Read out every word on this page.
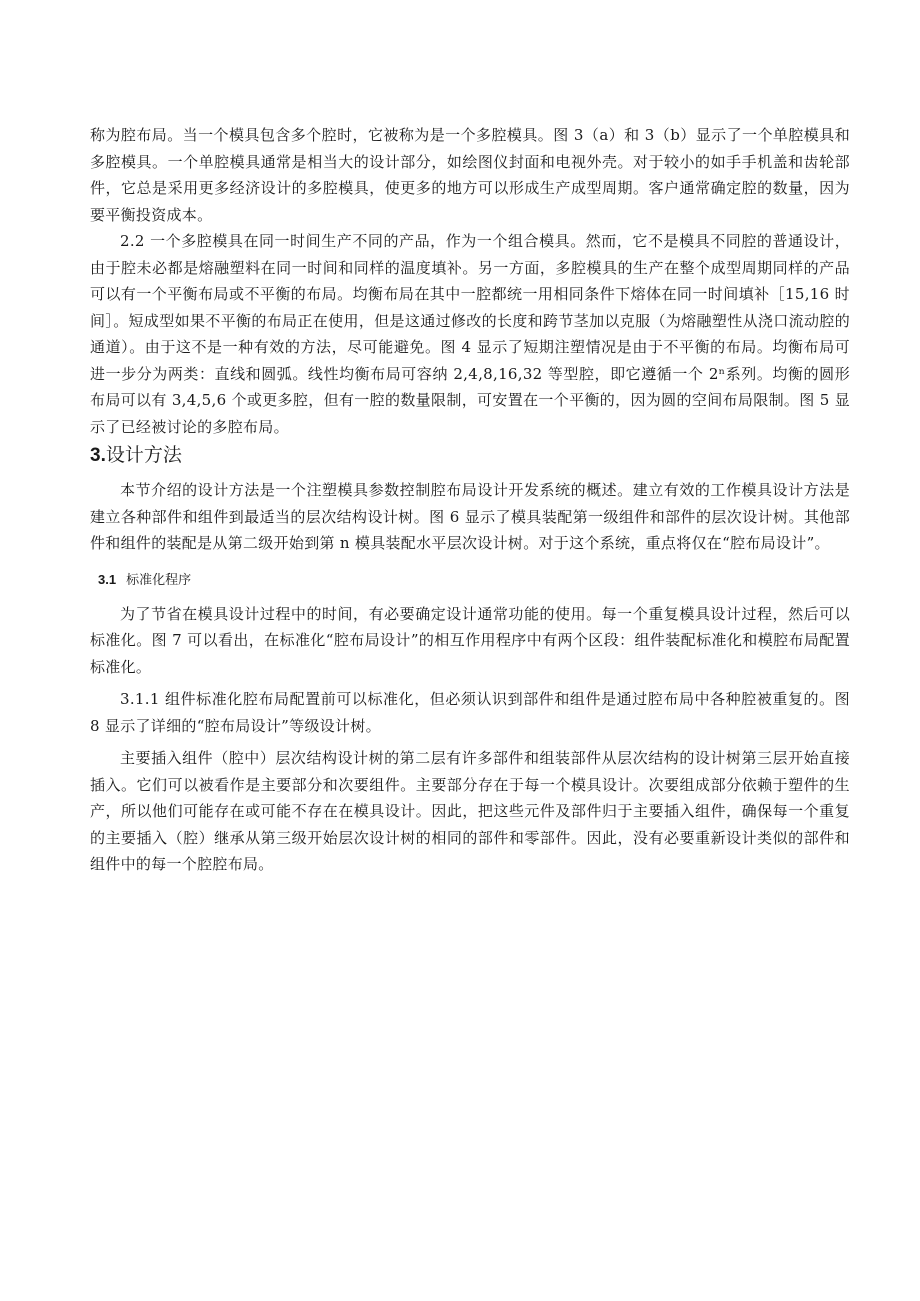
称为腔布局。当一个模具包含多个腔时，它被称为是一个多腔模具。图 3（a）和 3（b）显示了一个单腔模具和多腔模具。一个单腔模具通常是相当大的设计部分，如绘图仪封面和电视外壳。对于较小的如手手机盖和齿轮部件，它总是采用更多经济设计的多腔模具，使更多的地方可以形成生产成型周期。客户通常确定腔的数量，因为要平衡投资成本。

2.2 一个多腔模具在同一时间生产不同的产品，作为一个组合模具。然而，它不是模具不同腔的普通设计，由于腔未必都是熔融塑料在同一时间和同样的温度填补。另一方面，多腔模具的生产在整个成型周期同样的产品可以有一个平衡布局或不平衡的布局。均衡布局在其中一腔都统一用相同条件下熔体在同一时间填补［15,16 时间］。短成型如果不平衡的布局正在使用，但是这通过修改的长度和跨节茎加以克服（为熔融塑性从浇口流动腔的通道）。由于这不是一种有效的方法，尽可能避免。图 4 显示了短期注塑情况是由于不平衡的布局。均衡布局可进一步分为两类：直线和圆弧。线性均衡布局可容纳 2,4,8,16,32 等型腔，即它遵循一个 2ⁿ系列。均衡的圆形布局可以有 3,4,5,6 个或更多腔，但有一腔的数量限制，可安置在一个平衡的，因为圆的空间布局限制。图 5 显示了已经被讨论的多腔布局。

3.设计方法

本节介绍的设计方法是一个注塑模具参数控制腔布局设计开发系统的概述。建立有效的工作模具设计方法是建立各种部件和组件到最适当的层次结构设计树。图 6 显示了模具装配第一级组件和部件的层次设计树。其他部件和组件的装配是从第二级开始到第 n 模具装配水平层次设计树。对于这个系统，重点将仅在“腔布局设计”。

3.1 标准化程序

为了节省在模具设计过程中的时间，有必要确定设计通常功能的使用。每一个重复模具设计过程，然后可以标准化。图 7 可以看出，在标准化“腔布局设计”的相互作用程序中有两个区段：组件装配标准化和模腔布局配置标准化。

3.1.1 组件标准化腔布局配置前可以标准化，但必须认识到部件和组件是通过腔布局中各种腔被重复的。图 8 显示了详细的“腔布局设计”等级设计树。

主要插入组件（腔中）层次结构设计树的第二层有许多部件和组装部件从层次结构的设计树第三层开始直接插入。它们可以被看作是主要部分和次要组件。主要部分存在于每一个模具设计。次要组成部分依赖于塑件的生产，所以他们可能存在或可能不存在在模具设计。因此，把这些元件及部件归于主要插入组件，确保每一个重复的主要插入（腔）继承从第三级开始层次设计树的相同的部件和零部件。因此，没有必要重新设计类似的部件和组件中的每一个腔腔布局。
